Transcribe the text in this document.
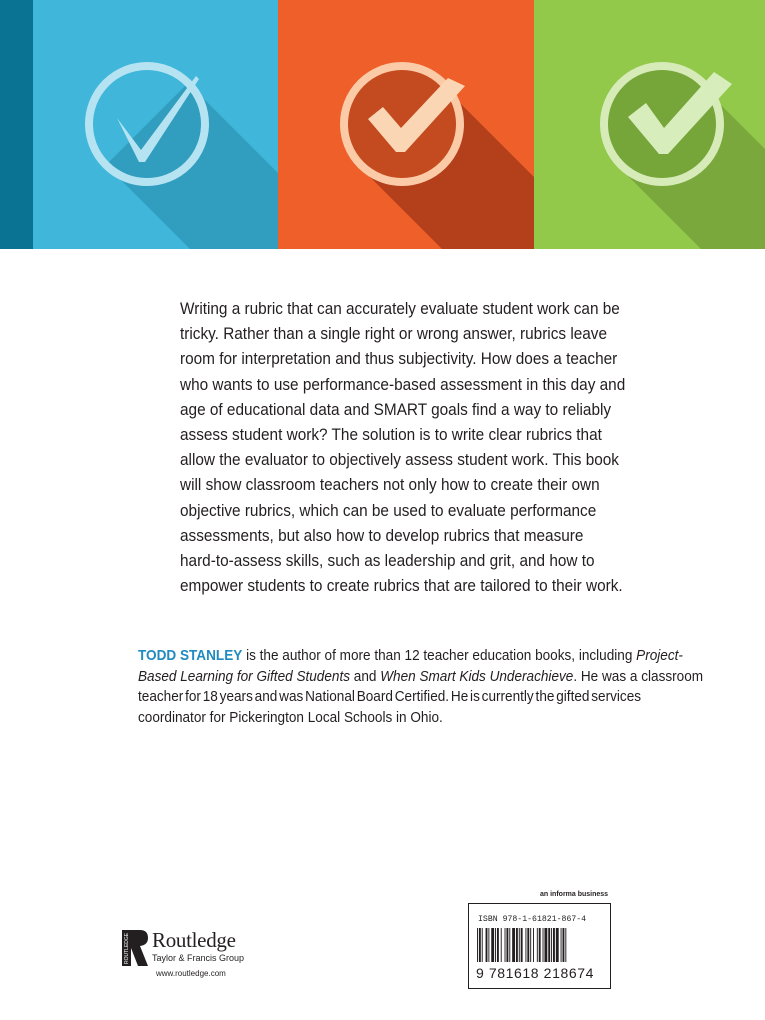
Writing a rubric that can accurately evaluate student work can be
tricky. Rather than a single right or wrong answer, rubrics leave
room for interpretation and thus subjectivity. How does a teacher
who wants to use performance-based assessment in this day and
age of educational data and SMART goals find a way to reliably
assess student work? The solution is to write clear rubrics that
allow the evaluator to objectively assess student work. This book
will show classroom teachers not only how to create their own
objective rubrics, which can be used to evaluate performance
assessments, but also how to develop rubrics that measure
hard-to-assess skills, such as leadership and grit, and how to
empower students to create rubrics that are tailored to their work.
TODD STANLEY is the author of more than 12 teacher education books, including Project-
Based Learning for Gifted Students and When Smart Kids Underachieve. He was a classroom
teacher for 18 years and was National Board Certified. He is currently the gifted services
coordinator for Pickerington Local Schools in Ohio.
ROUTLEDGE Routledge
Taylor & Francis Group
www.routledge.com
an informa business
ISBN 978-1-61821-867-4
9 781618 218674
